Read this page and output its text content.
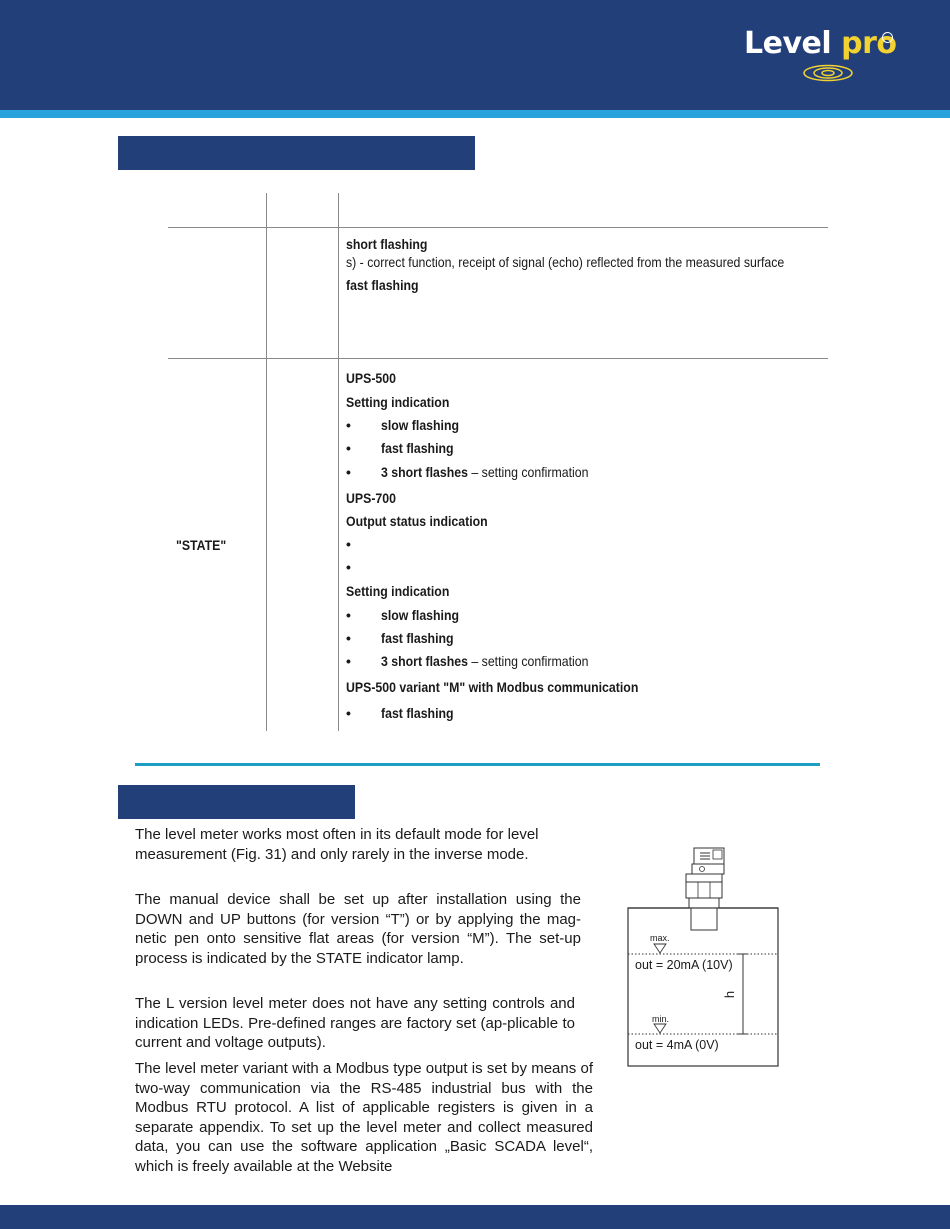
Level pro
short flashing
s) - correct function, receipt of signal (echo) reflected from the measured surface
fast flashing
"STATE"
UPS-500
Setting indication
• slow flashing
• fast flashing
• 3 short flashes – setting confirmation
UPS-700
Output status indication
•
•
Setting indication
• slow flashing
• fast flashing
• 3 short flashes – setting confirmation
UPS-500 variant "M" with Modbus communication
• fast flashing
The level meter works most often in its default mode for level measurement (Fig. 31) and only rarely in the inverse mode.
The manual device shall be set up after installation using the DOWN and UP buttons (for version “T”) or by applying the mag-netic pen onto sensitive flat areas (for version “M”). The set-up process is indicated by the STATE indicator lamp.
The L version level meter does not have any setting controls and indication LEDs. Pre-defined ranges are factory set (ap-plicable to current and voltage outputs).
The level meter variant with a Modbus type output is set by means of two-way communication via the RS-485 industrial bus with the Modbus RTU protocol. A list of applicable registers is given in a separate appendix. To set up the level meter and collect measured data, you can use the software application „Basic SCADA level“, which is freely available at the Website
max.
out = 20mA (10V)
min.
out = 4mA (0V)
h
